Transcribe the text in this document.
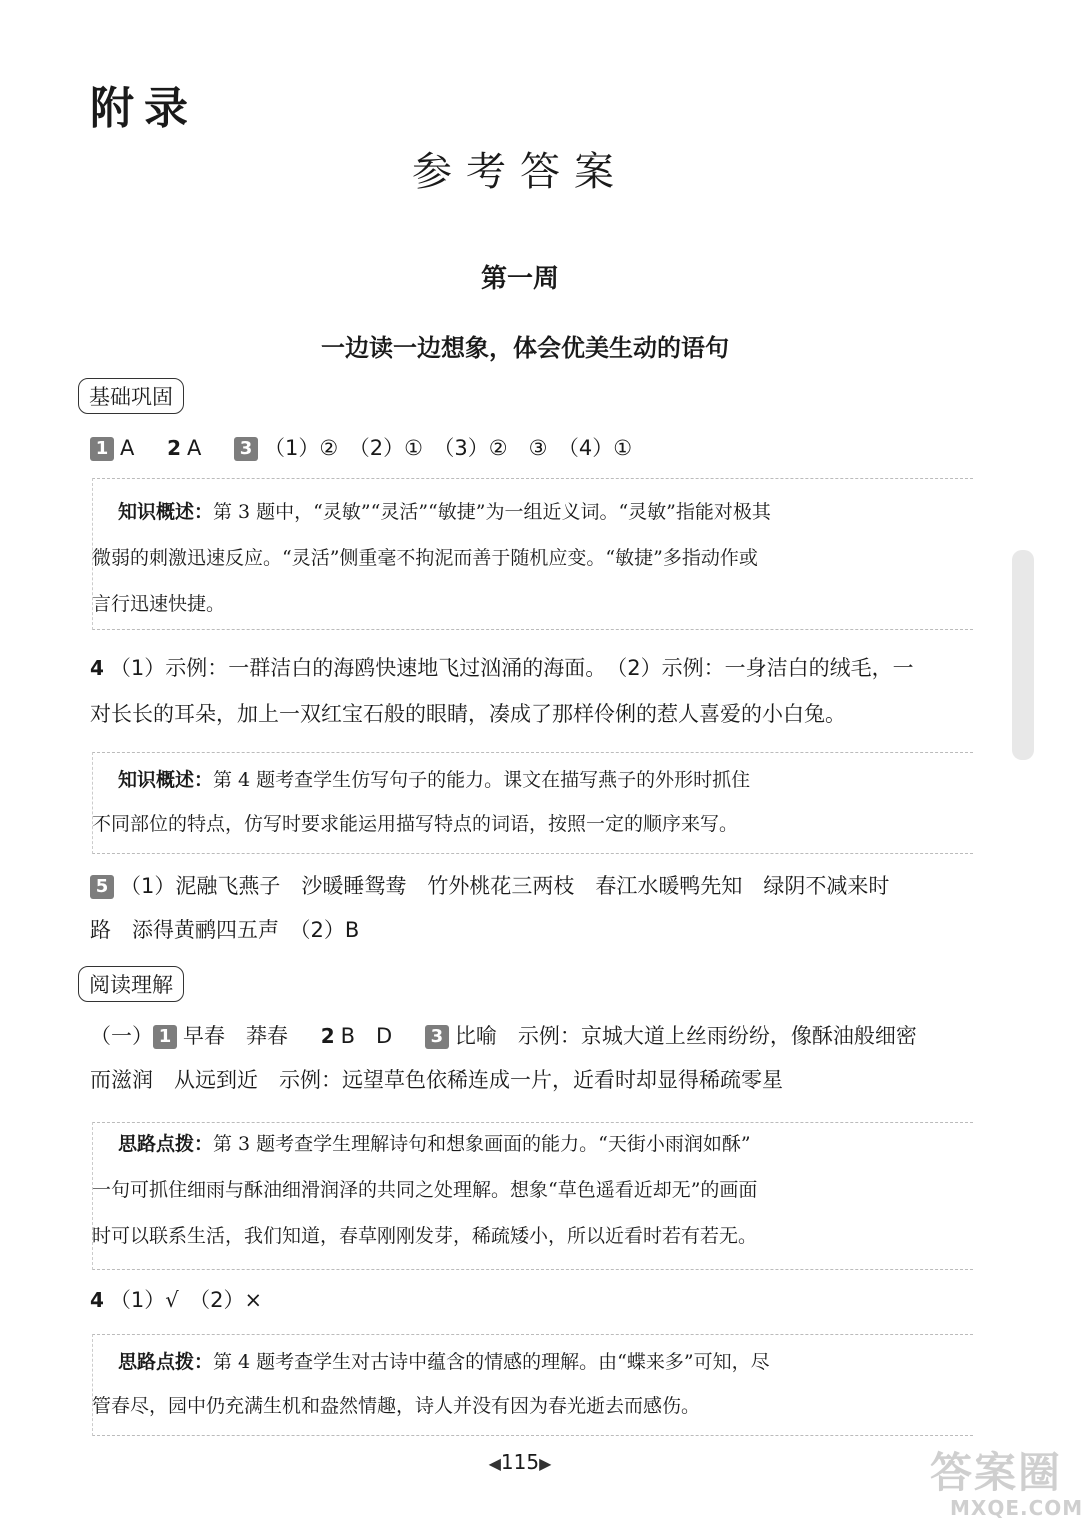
附录
参考答案
第一周
一边读一边想象，体会优美生动的语句
基础巩固
1 A 2 A 3 （1）②　（2）①　（3）②　③　（4）①
知识概述：第 3 题中，“灵敏”“灵活”“敏捷”为一组近义词。“灵敏”指能对极其
微弱的刺激迅速反应。“灵活”侧重毫不拘泥而善于随机应变。“敏捷”多指动作或
言行迅速快捷。
4 （1）示例：一群洁白的海鸥快速地飞过汹涌的海面。　（2）示例：一身洁白的绒毛，一
对长长的耳朵，加上一双红宝石般的眼睛，凑成了那样伶俐的惹人喜爱的小白兔。
知识概述：第 4 题考查学生仿写句子的能力。课文在描写燕子的外形时抓住
不同部位的特点，仿写时要求能运用描写特点的词语，按照一定的顺序来写。
5 （1）泥融飞燕子　沙暖睡鸳鸯　竹外桃花三两枝　春江水暖鸭先知　绿阴不减来时
路　添得黄鹂四五声　（2）B
阅读理解
（一） 1 早春　莽春 2 B　D 3 比喻　示例：京城大道上丝雨纷纷，像酥油般细密
而滋润　从远到近　示例：远望草色依稀连成一片，近看时却显得稀疏零星
思路点拨：第 3 题考查学生理解诗句和想象画面的能力。“天街小雨润如酥”
一句可抓住细雨与酥油细滑润泽的共同之处理解。想象“草色遥看近却无”的画面
时可以联系生活，我们知道，春草刚刚发芽，稀疏矮小，所以近看时若有若无。
4 （1）√　（2）×
思路点拨：第 4 题考查学生对古诗中蕴含的情感的理解。由“蝶来多”可知，尽
管春尽，园中仍充满生机和盎然情趣，诗人并没有因为春光逝去而感伤。
◀115▶	答案圈
MXQE.COM
